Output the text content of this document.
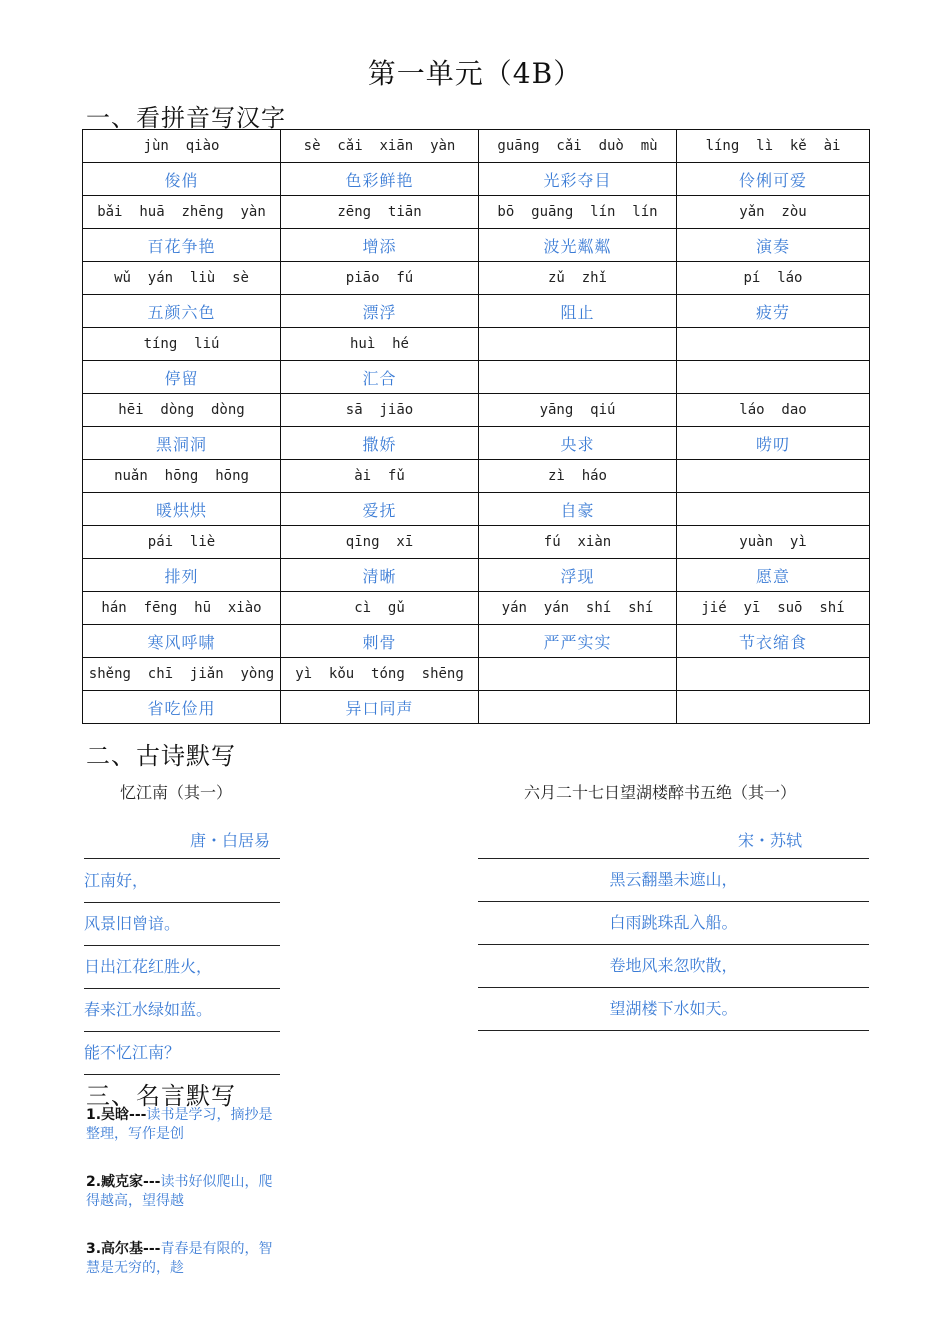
第一单元（4B）
一、看拼音写汉字
jùn  qiào	sè  cǎi  xiān  yàn	guāng  cǎi  duò  mù	líng  lì  kě  ài
俊俏	色彩鲜艳	光彩夺目	伶俐可爱
bǎi  huā  zhēng  yàn	zēng  tiān	bō  guāng  lín  lín	yǎn  zòu
百花争艳	增添	波光粼粼	演奏
wǔ  yán  liù  sè	piāo  fú	zǔ  zhǐ	pí  láo
五颜六色	漂浮	阻止	疲劳
tíng  liú	huì  hé		
停留	汇合		
hēi  dòng  dòng	sā  jiāo	yāng  qiú	láo  dao
黑洞洞	撒娇	央求	唠叨
nuǎn  hōng  hōng	ài  fǔ	zì  háo	
暖烘烘	爱抚	自豪	
pái  liè	qīng  xī	fú  xiàn	yuàn  yì
排列	清晰	浮现	愿意
hán  fēng  hū  xiào	cì  gǔ	yán  yán  shí  shí	jié  yī  suō  shí
寒风呼啸	刺骨	严严实实	节衣缩食
shěng  chī  jiǎn  yòng	yì  kǒu  tóng  shēng		
省吃俭用	异口同声		
二、古诗默写
忆江南（其一）
唐・白居易
江南好，
风景旧曾谙。
日出江花红胜火，
春来江水绿如蓝。
能不忆江南？
六月二十七日望湖楼醉书五绝（其一）
宋・苏轼
黑云翻墨未遮山，
白雨跳珠乱入船。
卷地风来忽吹散，
望湖楼下水如天。
三、名言默写
1.吴晗---读书是学习，摘抄是整理，写作是创
2.臧克家---读书好似爬山，爬得越高，望得越
3.高尔基---青春是有限的，智慧是无穷的，趁
